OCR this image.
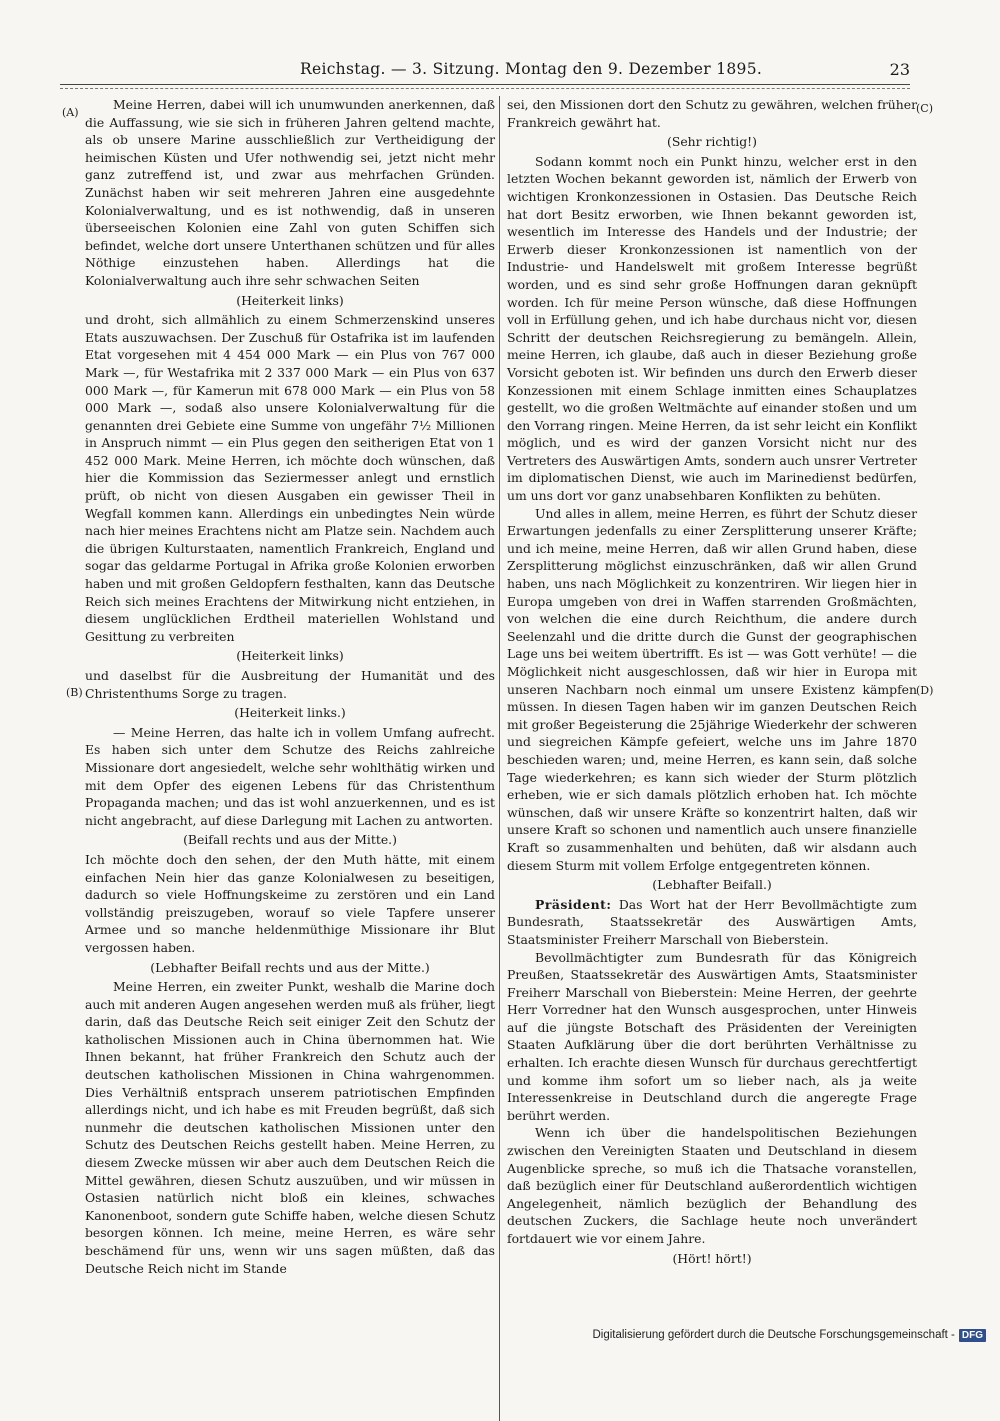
Reichstag. — 3. Sitzung. Montag den 9. Dezember 1895.	23
(A)
(B)
(C)
(D)

Meine Herren, dabei will ich unumwunden anerkennen, daß die Auffassung, wie sie sich in früheren Jahren geltend machte, als ob unsere Marine ausschließlich zur Vertheidigung der heimischen Küsten und Ufer nothwendig sei, jetzt nicht mehr ganz zutreffend ist, und zwar aus mehrfachen Gründen. Zunächst haben wir seit mehreren Jahren eine ausgedehnte Kolonialverwaltung, und es ist nothwendig, daß in unseren überseeischen Kolonien eine Zahl von guten Schiffen sich befindet, welche dort unsere Unterthanen schützen und für alles Nöthige einzustehen haben. Allerdings hat die Kolonialverwaltung auch ihre sehr schwachen Seiten

(Heiterkeit links)

und droht, sich allmählich zu einem Schmerzenskind unseres Etats auszuwachsen. Der Zuschuß für Ostafrika ist im laufenden Etat vorgesehen mit 4 454 000 Mark — ein Plus von 767 000 Mark —, für Westafrika mit 2 337 000 Mark — ein Plus von 637 000 Mark —, für Kamerun mit 678 000 Mark — ein Plus von 58 000 Mark —, sodaß also unsere Kolonialverwaltung für die genannten drei Gebiete eine Summe von ungefähr 7½ Millionen in Anspruch nimmt — ein Plus gegen den seitherigen Etat von 1 452 000 Mark. Meine Herren, ich möchte doch wünschen, daß hier die Kommission das Seziermesser anlegt und ernstlich prüft, ob nicht von diesen Ausgaben ein gewisser Theil in Wegfall kommen kann. Allerdings ein unbedingtes Nein würde nach hier meines Erachtens nicht am Platze sein. Nachdem auch die übrigen Kulturstaaten, namentlich Frankreich, England und sogar das geldarme Portugal in Afrika große Kolonien erworben haben und mit großen Geldopfern festhalten, kann das Deutsche Reich sich meines Erachtens der Mitwirkung nicht entziehen, in diesem unglücklichen Erdtheil materiellen Wohlstand und Gesittung zu verbreiten

(Heiterkeit links)

und daselbst für die Ausbreitung der Humanität und des Christenthums Sorge zu tragen.

(Heiterkeit links.)

— Meine Herren, das halte ich in vollem Umfang aufrecht. Es haben sich unter dem Schutze des Reichs zahlreiche Missionare dort angesiedelt, welche sehr wohlthätig wirken und mit dem Opfer des eigenen Lebens für das Christenthum Propaganda machen; und das ist wohl anzuerkennen, und es ist nicht angebracht, auf diese Darlegung mit Lachen zu antworten.

(Beifall rechts und aus der Mitte.)

Ich möchte doch den sehen, der den Muth hätte, mit einem einfachen Nein hier das ganze Kolonialwesen zu beseitigen, dadurch so viele Hoffnungskeime zu zerstören und ein Land vollständig preiszugeben, worauf so viele Tapfere unserer Armee und so manche heldenmüthige Missionare ihr Blut vergossen haben.

(Lebhafter Beifall rechts und aus der Mitte.)

Meine Herren, ein zweiter Punkt, weshalb die Marine doch auch mit anderen Augen angesehen werden muß als früher, liegt darin, daß das Deutsche Reich seit einiger Zeit den Schutz der katholischen Missionen auch in China übernommen hat. Wie Ihnen bekannt, hat früher Frankreich den Schutz auch der deutschen katholischen Missionen in China wahrgenommen. Dies Verhältniß entsprach unserem patriotischen Empfinden allerdings nicht, und ich habe es mit Freuden begrüßt, daß sich nunmehr die deutschen katholischen Missionen unter den Schutz des Deutschen Reichs gestellt haben. Meine Herren, zu diesem Zwecke müssen wir aber auch dem Deutschen Reich die Mittel gewähren, diesen Schutz auszuüben, und wir müssen in Ostasien natürlich nicht bloß ein kleines, schwaches Kanonenboot, sondern gute Schiffe haben, welche diesen Schutz besorgen können. Ich meine, meine Herren, es wäre sehr beschämend für uns, wenn wir uns sagen müßten, daß das Deutsche Reich nicht im Stande

sei, den Missionen dort den Schutz zu gewähren, welchen früher Frankreich gewährt hat.

(Sehr richtig!)

Sodann kommt noch ein Punkt hinzu, welcher erst in den letzten Wochen bekannt geworden ist, nämlich der Erwerb von wichtigen Kronkonzessionen in Ostasien. Das Deutsche Reich hat dort Besitz erworben, wie Ihnen bekannt geworden ist, wesentlich im Interesse des Handels und der Industrie; der Erwerb dieser Kronkonzessionen ist namentlich von der Industrie- und Handelswelt mit großem Interesse begrüßt worden, und es sind sehr große Hoffnungen daran geknüpft worden. Ich für meine Person wünsche, daß diese Hoffnungen voll in Erfüllung gehen, und ich habe durchaus nicht vor, diesen Schritt der deutschen Reichsregierung zu bemängeln. Allein, meine Herren, ich glaube, daß auch in dieser Beziehung große Vorsicht geboten ist. Wir befinden uns durch den Erwerb dieser Konzessionen mit einem Schlage inmitten eines Schauplatzes gestellt, wo die großen Weltmächte auf einander stoßen und um den Vorrang ringen. Meine Herren, da ist sehr leicht ein Konflikt möglich, und es wird der ganzen Vorsicht nicht nur des Vertreters des Auswärtigen Amts, sondern auch unsrer Vertreter im diplomatischen Dienst, wie auch im Marinedienst bedürfen, um uns dort vor ganz unabsehbaren Konflikten zu behüten.

Und alles in allem, meine Herren, es führt der Schutz dieser Erwartungen jedenfalls zu einer Zersplitterung unserer Kräfte; und ich meine, meine Herren, daß wir allen Grund haben, diese Zersplitterung möglichst einzuschränken, daß wir allen Grund haben, uns nach Möglichkeit zu konzentriren. Wir liegen hier in Europa umgeben von drei in Waffen starrenden Großmächten, von welchen die eine durch Reichthum, die andere durch Seelenzahl und die dritte durch die Gunst der geographischen Lage uns bei weitem übertrifft. Es ist — was Gott verhüte! — die Möglichkeit nicht ausgeschlossen, daß wir hier in Europa mit unseren Nachbarn noch einmal um unsere Existenz kämpfen müssen. In diesen Tagen haben wir im ganzen Deutschen Reich mit großer Begeisterung die 25jährige Wiederkehr der schweren und siegreichen Kämpfe gefeiert, welche uns im Jahre 1870 beschieden waren; und, meine Herren, es kann sein, daß solche Tage wiederkehren; es kann sich wieder der Sturm plötzlich erheben, wie er sich damals plötzlich erhoben hat. Ich möchte wünschen, daß wir unsere Kräfte so konzentrirt halten, daß wir unsere Kraft so schonen und namentlich auch unsere finanzielle Kraft so zusammenhalten und behüten, daß wir alsdann auch diesem Sturm mit vollem Erfolge entgegentreten können.

(Lebhafter Beifall.)

Präsident: Das Wort hat der Herr Bevollmächtigte zum Bundesrath, Staatssekretär des Auswärtigen Amts, Staatsminister Freiherr Marschall von Bieberstein.

Bevollmächtigter zum Bundesrath für das Königreich Preußen, Staatssekretär des Auswärtigen Amts, Staatsminister Freiherr Marschall von Bieberstein: Meine Herren, der geehrte Herr Vorredner hat den Wunsch ausgesprochen, unter Hinweis auf die jüngste Botschaft des Präsidenten der Vereinigten Staaten Aufklärung über die dort berührten Verhältnisse zu erhalten. Ich erachte diesen Wunsch für durchaus gerechtfertigt und komme ihm sofort um so lieber nach, als ja weite Interessenkreise in Deutschland durch die angeregte Frage berührt werden.

Wenn ich über die handelspolitischen Beziehungen zwischen den Vereinigten Staaten und Deutschland in diesem Augenblicke spreche, so muß ich die Thatsache voranstellen, daß bezüglich einer für Deutschland außerordentlich wichtigen Angelegenheit, nämlich bezüglich der Behandlung des deutschen Zuckers, die Sachlage heute noch unverändert fortdauert wie vor einem Jahre.

(Hört! hört!)

Digitalisierung gefördert durch die Deutsche Forschungsgemeinschaft - DFG
